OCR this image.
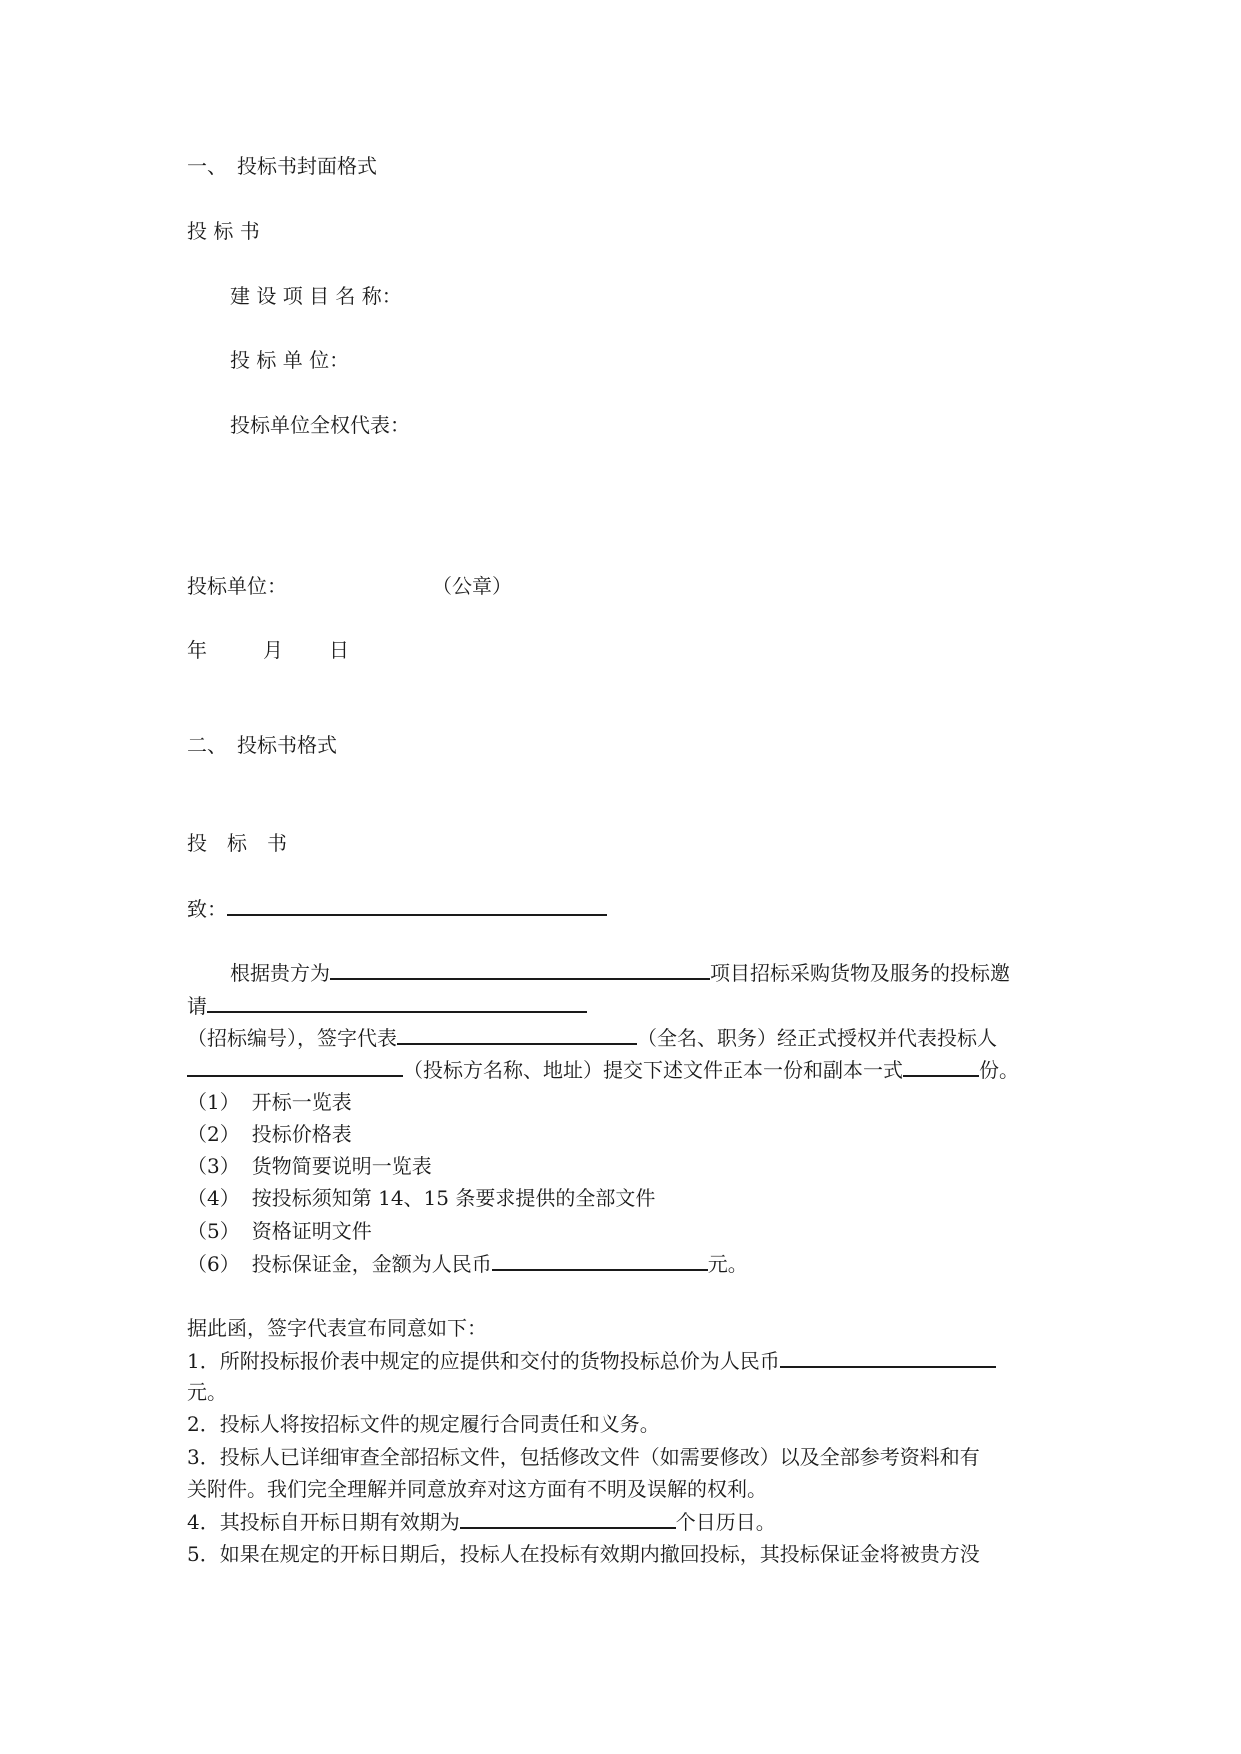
一、　投标书封面格式
投 标 书
建 设 项 目 名 称：
投 标 单 位：
投标单位全权代表：
投标单位：	（公章）
年	月 日
二、　投标书格式
投　标　书
致：
根据贵方为	项目招标采购货物及服务的投标邀
请
（招标编号），签字代表	（全名、职务）经正式授权并代表投标人
（投标方名称、地址）提交下述文件正本一份和副本一式	份。
（1） 开标一览表
（2） 投标价格表
（3） 货物简要说明一览表
（4） 按投标须知第 14、15 条要求提供的全部文件
（5） 资格证明文件
（6） 投标保证金，金额为人民币	元。
据此函，签字代表宣布同意如下：
1．所附投标报价表中规定的应提供和交付的货物投标总价为人民币
元。
2．投标人将按招标文件的规定履行合同责任和义务。
3．投标人已详细审查全部招标文件，包括修改文件（如需要修改）以及全部参考资料和有
关附件。我们完全理解并同意放弃对这方面有不明及误解的权利。
4．其投标自开标日期有效期为	个日历日。
5．如果在规定的开标日期后，投标人在投标有效期内撤回投标，其投标保证金将被贵方没
